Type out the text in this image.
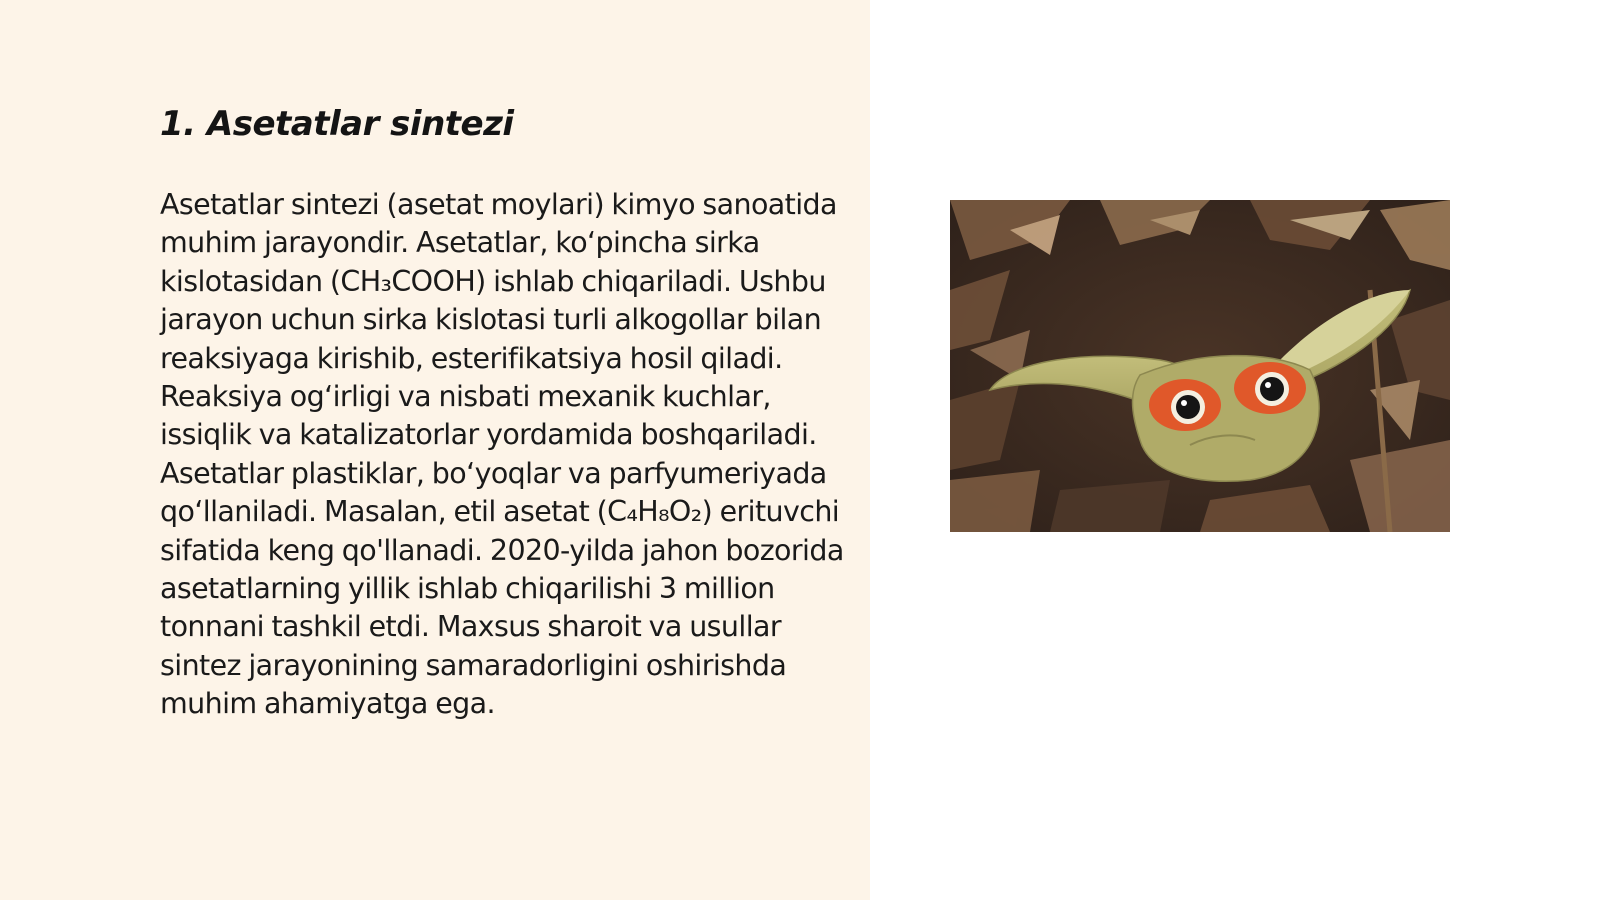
1. Asetatlar sintezi

Asetatlar sintezi (asetat moylari) kimyo sanoatida muhim jarayondir. Asetatlar, ko‘pincha sirka kislotasidan (CH₃COOH) ishlab chiqariladi. Ushbu jarayon uchun sirka kislotasi turli alkogollar bilan reaksiyaga kirishib, esterifikatsiya hosil qiladi. Reaksiya og‘irligi va nisbati mexanik kuchlar, issiqlik va katalizatorlar yordamida boshqariladi. Asetatlar plastiklar, bo‘yoqlar va parfyumeriyada qo‘llaniladi. Masalan, etil asetat (C₄H₈O₂) erituvchi sifatida keng qo'llanadi. 2020-yilda jahon bozorida asetatlarning yillik ishlab chiqarilishi 3 million tonnani tashkil etdi. Maxsus sharoit va usullar sintez jarayonining samaradorligini oshirishda muhim ahamiyatga ega.
